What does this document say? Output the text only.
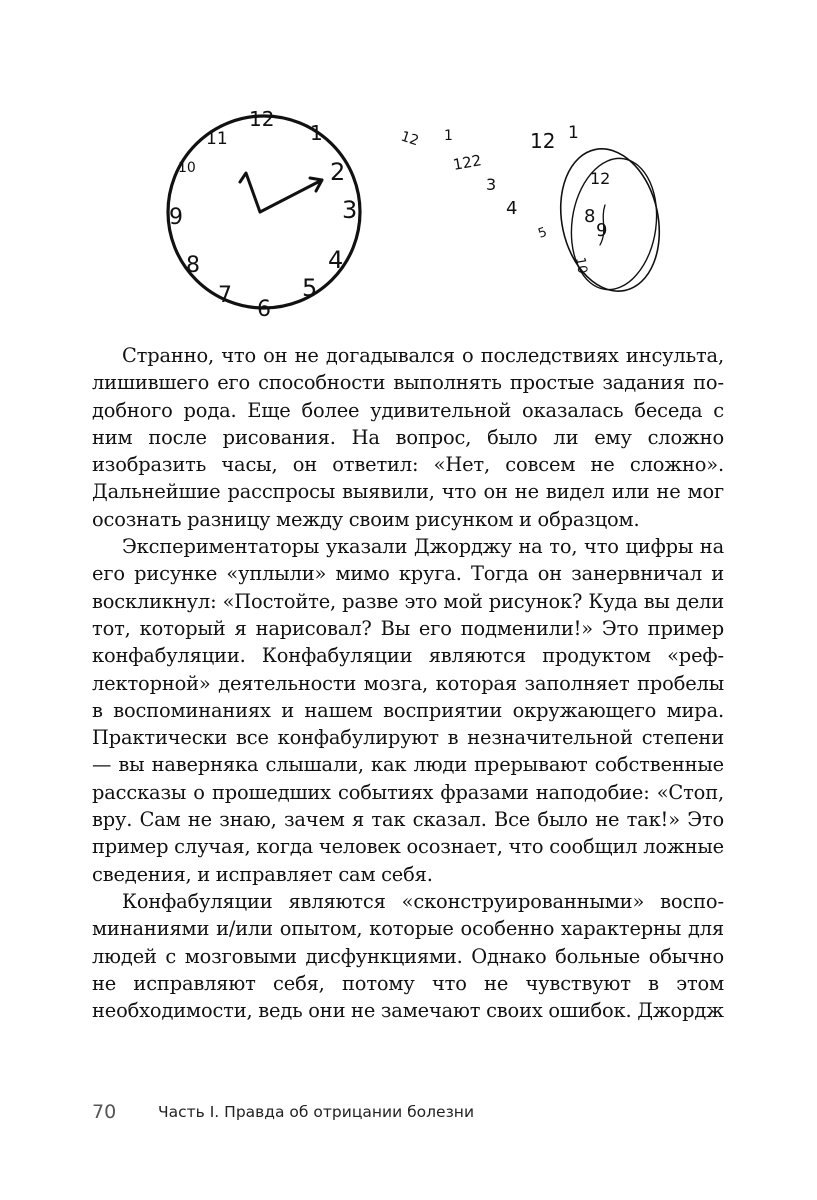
12
1
2
3
4
5
6
7
8
9
10
11	12 1
122
3
4
12 1
5
12
8
9
10

Странно, что он не догадывался о последствиях инсульта, лишившего его способности выполнять простые задания подобного рода. Еще более удивительной оказалась беседа с ним после рисования. На вопрос, было ли ему сложно изобразить часы, он ответил: «Нет, совсем не сложно». Дальнейшие расспросы выявили, что он не видел или не мог осознать разницу между своим рисунком и образцом.

Экспериментаторы указали Джорджу на то, что цифры на его рисунке «уплыли» мимо круга. Тогда он занервничал и воскликнул: «Постойте, разве это мой рисунок? Куда вы дели тот, который я нарисовал? Вы его подменили!» Это пример конфабуляции. Конфабуляции являются продуктом «рефлекторной» деятельности мозга, которая заполняет пробелы в воспоминаниях и нашем восприятии окружающего мира. Практически все конфабулируют в незначительной степени — вы наверняка слышали, как люди прерывают собственные рассказы о прошедших событиях фразами наподобие: «Стоп, вру. Сам не знаю, зачем я так сказал. Все было не так!» Это пример случая, когда человек осознает, что сообщил ложные сведения, и исправляет сам себя.

Конфабуляции являются «сконструированными» воспоминаниями и/или опытом, которые особенно характерны для людей с мозговыми дисфункциями. Однако больные обычно не исправляют себя, потому что не чувствуют в этом необходимости, ведь они не замечают своих ошибок. Джордж

70	Часть I. Правда об отрицании болезни
